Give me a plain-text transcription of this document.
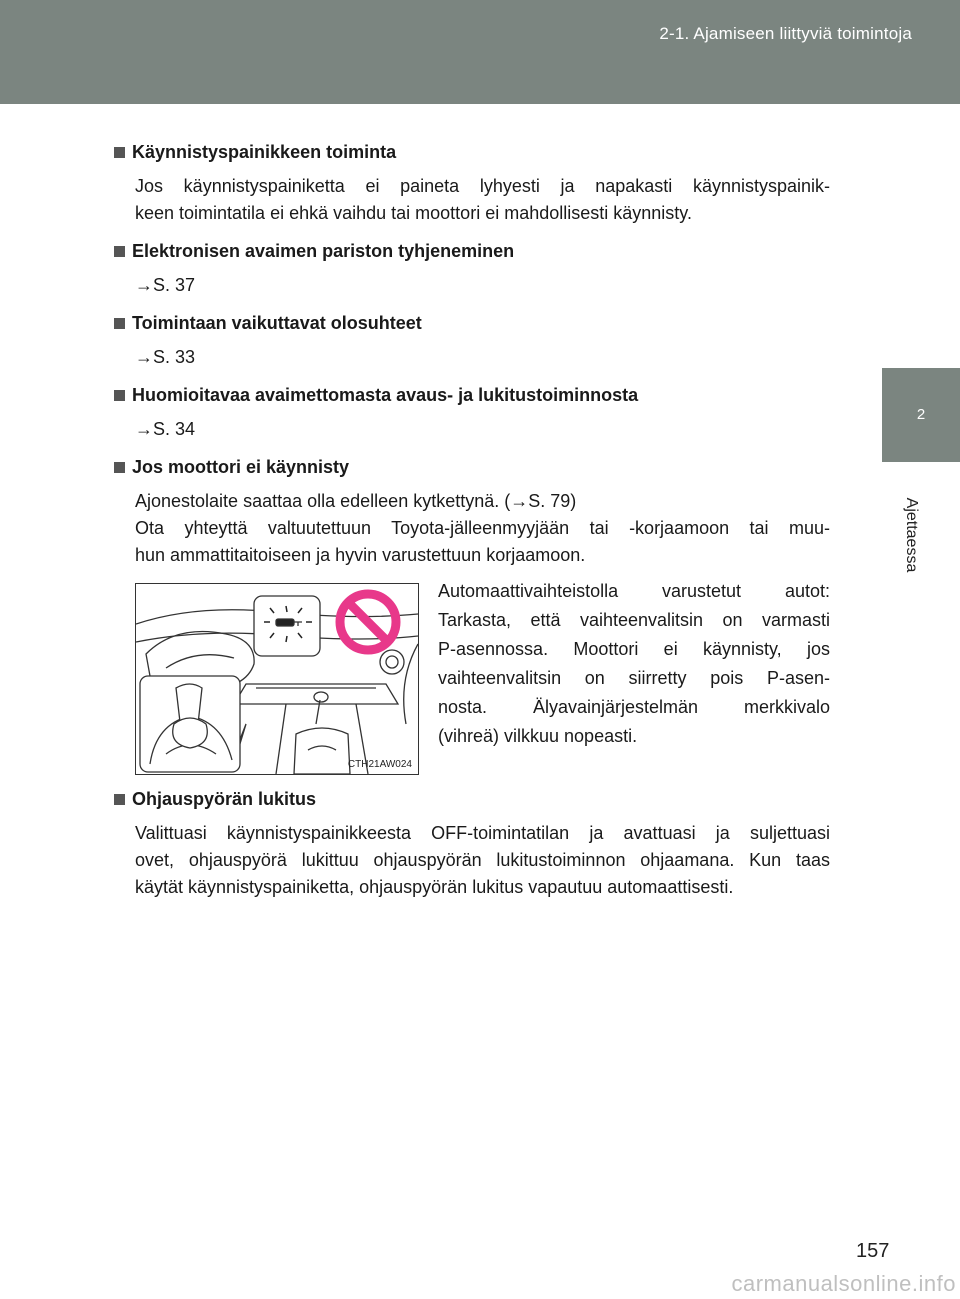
2-1. Ajamiseen liittyviä toimintoja
2
Ajettaessa
Käynnistyspainikkeen toiminta

Jos käynnistyspainiketta ei paineta lyhyesti ja napakasti käynnistyspainik-
keen toimintatila ei ehkä vaihdu tai moottori ei mahdollisesti käynnisty.

Elektronisen avaimen pariston tyhjeneminen
→S. 37
Toimintaan vaikuttavat olosuhteet
→S. 33
Huomioitavaa avaimettomasta avaus- ja lukitustoiminnosta
→S. 34
Jos moottori ei käynnisty

Ajonestolaite saattaa olla edelleen kytkettynä. (→S. 79)
Ota yhteyttä valtuutettuun Toyota-jälleenmyyjään tai -korjaamoon tai muu-
hun ammattitaitoiseen ja hyvin varustettuun korjaamoon.

CTH21AW024
Automaattivaihteistolla varustetut autot:
Tarkasta, että vaihteenvalitsin on varmasti
P-asennossa. Moottori ei käynnisty, jos
vaihteenvalitsin on siirretty pois P-asen-
nosta. Älyavainjärjestelmän merkkivalo
(vihreä) vilkkuu nopeasti.
Ohjauspyörän lukitus

Valittuasi käynnistyspainikkeesta OFF-toimintatilan ja avattuasi ja suljettuasi
ovet, ohjauspyörä lukittuu ohjauspyörän lukitustoiminnon ohjaamana. Kun taas
käytät käynnistyspainiketta, ohjauspyörän lukitus vapautuu automaattisesti.

157
carmanualsonline.info
